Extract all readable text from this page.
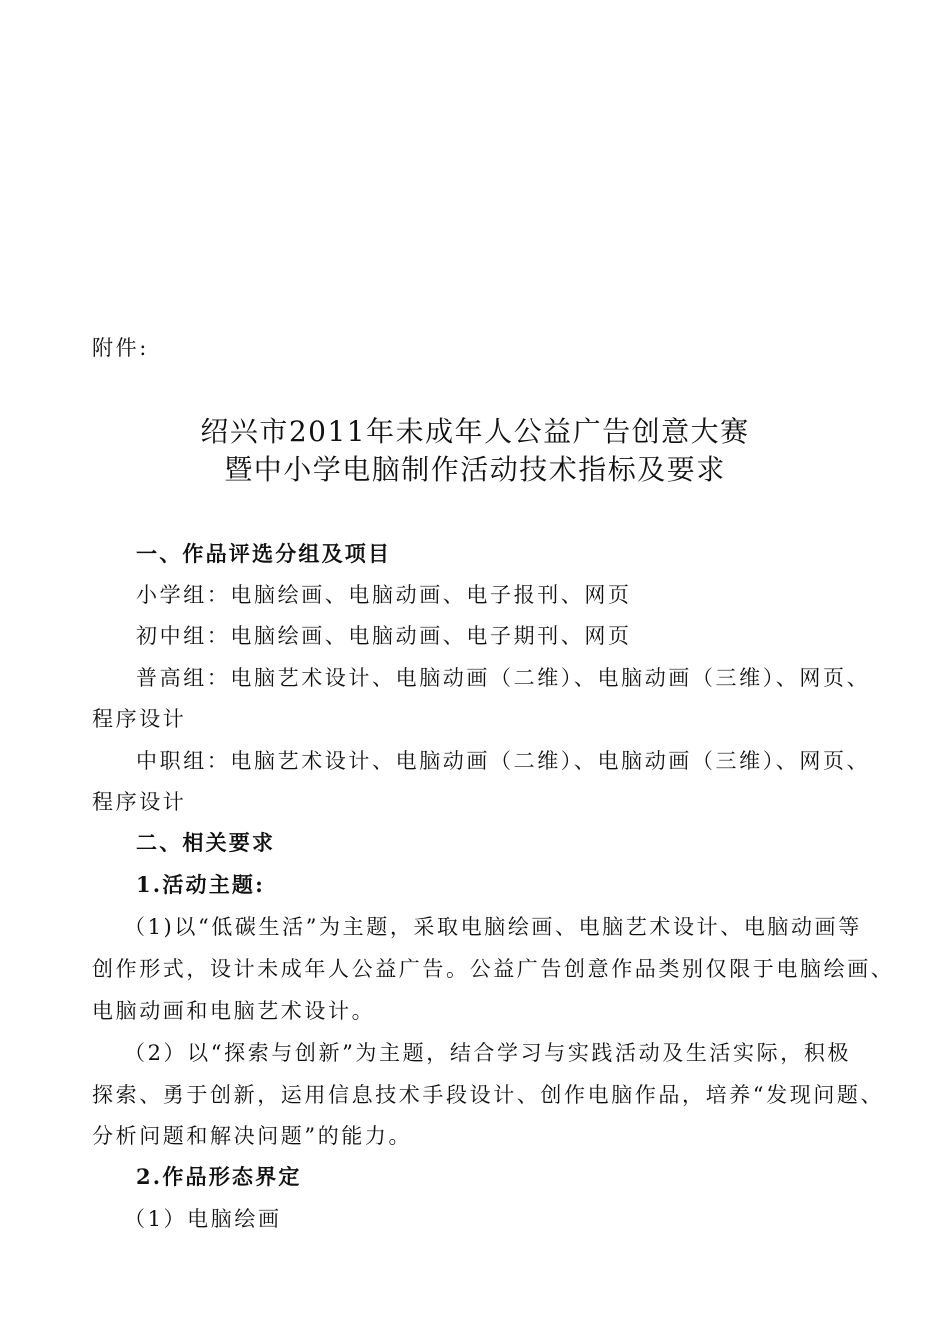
附件:
绍兴市2011年未成年人公益广告创意大赛
暨中小学电脑制作活动技术指标及要求
一、作品评选分组及项目
小学组：电脑绘画、电脑动画、电子报刊、网页
初中组：电脑绘画、电脑动画、电子期刊、网页
普高组：电脑艺术设计、电脑动画（二维）、电脑动画（三维）、网页、
程序设计
中职组：电脑艺术设计、电脑动画（二维）、电脑动画（三维）、网页、
程序设计
二、相关要求
1.活动主题:
（1)以“低碳生活”为主题，采取电脑绘画、电脑艺术设计、电脑动画等
创作形式，设计未成年人公益广告。公益广告创意作品类别仅限于电脑绘画、
电脑动画和电脑艺术设计。
（2）以“探索与创新”为主题，结合学习与实践活动及生活实际，积极
探索、勇于创新，运用信息技术手段设计、创作电脑作品，培养“发现问题、
分析问题和解决问题”的能力。
2.作品形态界定
（1）电脑绘画
